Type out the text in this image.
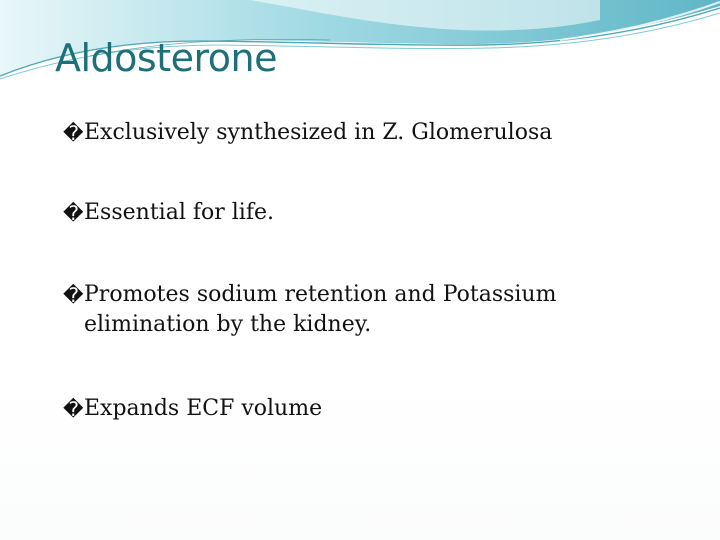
Aldosterone
� Exclusively synthesized in Z. Glomerulosa
� Essential for life.
� Promotes sodium retention and Potassium elimination by the kidney.
� Expands ECF volume
